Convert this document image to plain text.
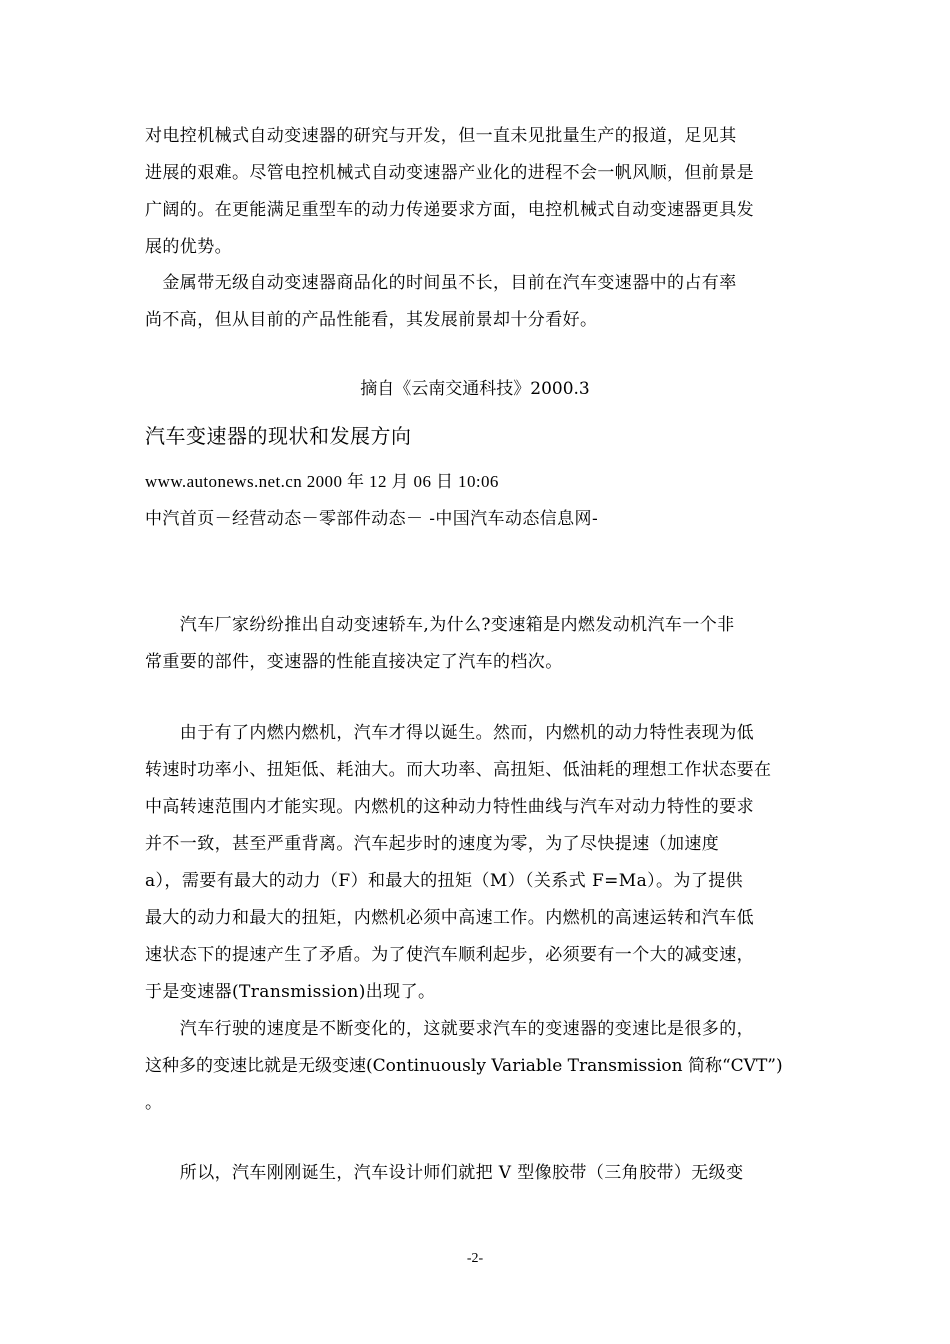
对电控机械式自动变速器的研究与开发，但一直未见批量生产的报道，足见其
进展的艰难。尽管电控机械式自动变速器产业化的进程不会一帆风顺，但前景是
广阔的。在更能满足重型车的动力传递要求方面，电控机械式自动变速器更具发
展的优势。
　金属带无级自动变速器商品化的时间虽不长，目前在汽车变速器中的占有率
尚不高，但从目前的产品性能看，其发展前景却十分看好。
摘自《云南交通科技》2000.3
汽车变速器的现状和发展方向
www.autonews.net.cn 2000 年 12 月 06 日 10:06
中汽首页－经营动态－零部件动态－ -中国汽车动态信息网-
　　汽车厂家纷纷推出自动变速轿车,为什么?变速箱是内燃发动机汽车一个非
常重要的部件，变速器的性能直接决定了汽车的档次。
　　由于有了内燃内燃机，汽车才得以诞生。然而，内燃机的动力特性表现为低
转速时功率小、扭矩低、耗油大。而大功率、高扭矩、低油耗的理想工作状态要在
中高转速范围内才能实现。内燃机的这种动力特性曲线与汽车对动力特性的要求
并不一致，甚至严重背离。汽车起步时的速度为零，为了尽快提速（加速度
a），需要有最大的动力（F）和最大的扭矩（M）（关系式 F=Ma）。为了提供
最大的动力和最大的扭矩，内燃机必须中高速工作。内燃机的高速运转和汽车低
速状态下的提速产生了矛盾。为了使汽车顺利起步，必须要有一个大的减变速，
于是变速器(Transmission)出现了。
　　汽车行驶的速度是不断变化的，这就要求汽车的变速器的变速比是很多的，
这种多的变速比就是无级变速(Continuously Variable Transmission 简称“CVT”)
。
　　所以，汽车刚刚诞生，汽车设计师们就把 V 型像胶带（三角胶带）无级变
-2-
